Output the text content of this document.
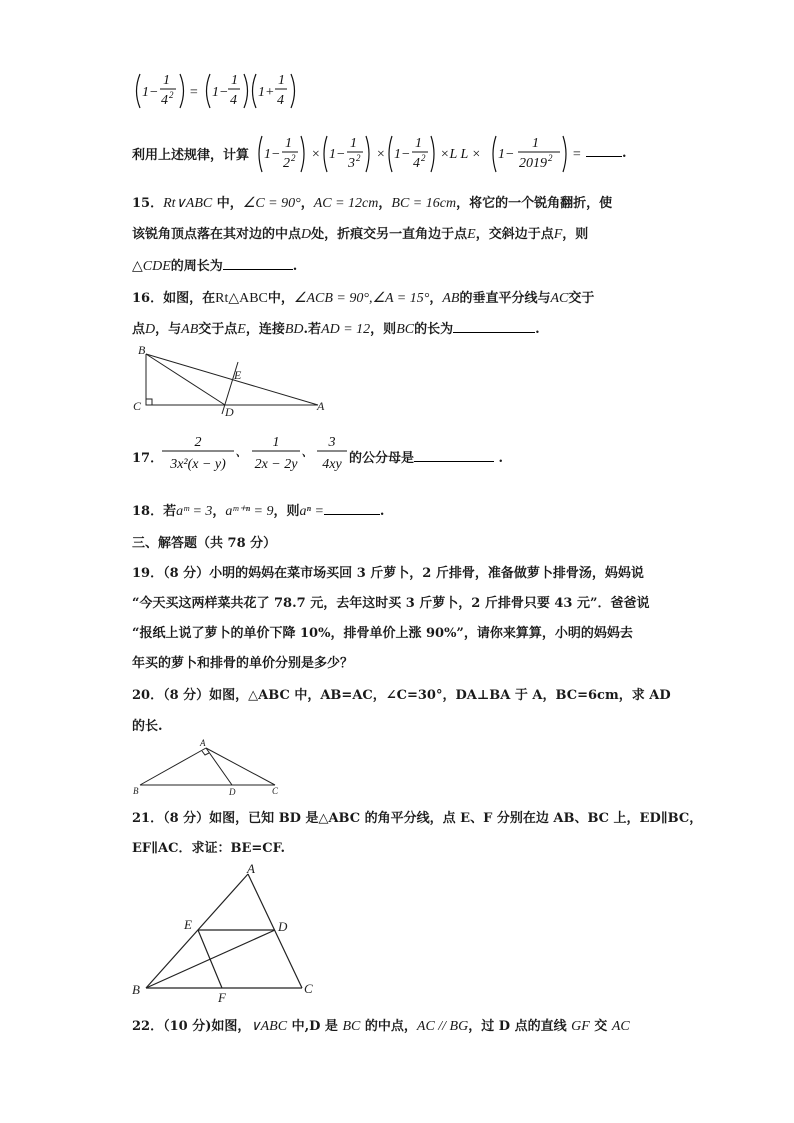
1−
1
4 2 = 1−
1
4
1+
1
4
(1 − 1/4²) = (1 − 1/4)(1 + 1/4)
利用上述规律，计算 1−
1
2 2 × 1−
1
3 2 × 1−
1
4 2 ×L L × 1−
1
2019 2 =
(1 − 1/2²) × (1 − 1/3²) × (1 − 1/4²) × L L × (1 − 1/2019²) =
.
15．Rt∨ABC 中，∠C = 90°，AC = 12cm，BC = 16cm，将它的一个锐角翻折，使
该锐角顶点落在其对边的中点D处，折痕交另一直角边于点E，交斜边于点F，则
△CDE的周长为	.
16．如图，在Rt△ABC中，∠ACB = 90°,∠A = 15°，AB的垂直平分线与AC交于
点D，与AB交于点E，连接BD.若AD = 12，则BC的长为	.
B
C	D
E
A
17．
2
3x²(x − y)
、
1
2x − 2y
、
3
4xy 的公分母是	.
18．若aᵐ = 3，aᵐ⁺ⁿ = 9，则aⁿ =	.
三、解答题（共 78 分）
19．（8 分）小明的妈妈在菜市场买回 3 斤萝卜，2 斤排骨，准备做萝卜排骨汤，妈妈说
“今天买这两样菜共花了 78.7 元，去年这时买 3 斤萝卜，2 斤排骨只要 43 元”．爸爸说
“报纸上说了萝卜的单价下降 10%，排骨单价上涨 90%”，请你来算算，小明的妈妈去
年买的萝卜和排骨的单价分别是多少？
20．（8 分）如图，△ABC 中，AB=AC，∠C=30°，DA⊥BA 于 A，BC=6cm，求 AD
的长.
A
B	D	C
21．（8 分）如图，已知 BD 是△ABC 的角平分线，点 E、F 分别在边 AB、BC 上，ED∥BC，
EF∥AC．求证：BE=CF.
A
E	D
B
F
C
22．（10 分)如图，∨ABC 中,D 是 BC 的中点，AC // BG，过 D 点的直线 GF 交 AC
